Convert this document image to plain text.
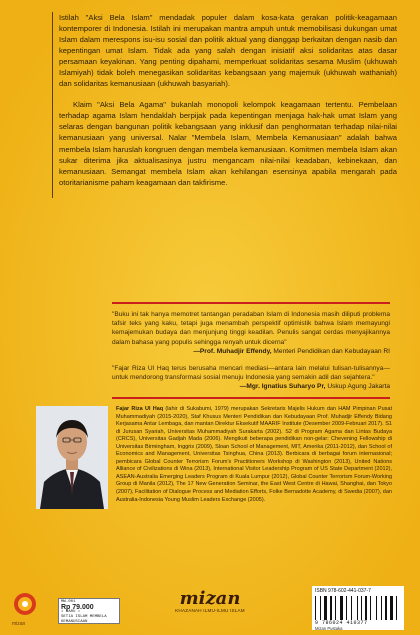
Istilah "Aksi Bela Islam" mendadak populer dalam kosa-kata gerakan politik-keagamaan kontemporer di Indonesia. Istilah ini merupakan mantra ampuh untuk memobilisasi dukungan umat Islam dalam merespons isu-isu sosial dan politik aktual yang dianggap berkaitan dengan nasib dan kepentingan umat Islam. Tidak ada yang salah dengan inisiatif aksi solidaritas atas dasar persamaan keyakinan. Yang penting dipahami, memperkuat solidaritas sesama Muslim (ukhuwah Islamiyah) tidak boleh menegasikan solidaritas kebangsaan yang majemuk (ukhuwah wathaniah) dan solidaritas kemanusiaan (ukhuwah basyariah).

Klaim "Aksi Bela Agama" bukanlah monopoli kelompok keagamaan tertentu. Pembelaan terhadap agama Islam hendaklah berpijak pada kepentingan menjaga hak-hak umat Islam yang selaras dengan bangunan politik kebangsaan yang inklusif dan penghormatan terhadap nilai-nilai kemanusiaan yang universal. Nalar "Membela Islam, Membela Kemanusiaan" adalah bahwa membela Islam haruslah kongruen dengan membela kemanusiaan. Komitmen membela Islam akan sukar diterima jika aktualisasinya justru mengancam nilai-nilai keadaban, kebinekaan, dan kemanusiaan. Semangat membela Islam akan kehilangan esensinya apabila mengarah pada otoritarianisme paham keagamaan dan takfirisme.

"Buku ini tak hanya memotret tantangan peradaban Islam di Indonesia masih diliputi problema tafsir teks yang kaku, tetapi juga menambah perspektif optimistik bahwa Islam memayungi kemajemukan budaya dan menjunjung tinggi keadilan. Penulis sangat cerdas menyajikannya dalam bahasa yang populis sehingga renyah untuk dicerna"
—Prof. Muhadjir Effendy, Menteri Pendidikan dan Kebudayaan RI
"Fajar Riza Ul Haq terus berusaha mencari mediasi—antara lain melalui tulisan-tulisannya—untuk mendorong transformasi sosial menuju Indonesia yang semakin adil dan sejahtera."
—Mgr. Ignatius Suharyo Pr, Uskup Agung Jakarta
Fajar Riza Ul Haq (lahir di Sukabumi, 1979) merupakan Sekretaris Majelis Hukum dan HAM Pimpinan Pusat Muhammadiyah (2015-2020), Staf Khusus Menteri Pendidikan dan Kebudayaan Prof. Muhadjir Effendy Bidang Kerjasama Antar Lembaga, dan mantan Direktur Eksekutif MAARIF Institute (Desember 2009-Februari 2017). S1 di Jurusan Syariah, Universitas Muhammadiyah Surakarta (2002). S2 di Program Agama dan Lintas Budaya (CRCS), Universitas Gadjah Mada (2006). Mengikuti beberapa pendidikan non-gelar: Chevening Fellowship di Universitas Birmingham, Inggris (2009), Sloan School of Management, MIT, Amerika (2011-2012), dan School of Economics and Management, Universitas Tsinghua, China (2013). Berbicara di berbagai forum internasional; pembicara Global Counter Terrorism Forum's Practitioners Workshop di Washington (2013), United Nations Alliance of Civilizations di Wina (2013), International Visitor Leadership Program of US State Department (2012), ASEAN-Australia Emerging Leaders Program di Kuala Lumpur (2012), Global Counter Terrorism Forum-Working Group di Manila (2012), The 17 New Generation Seminar, the East West Centre di Hawai, Shanghai, dan Tokyo (2007), Facilitation of Dialogue Process and Mediation Efforts, Folke Bernadotte Academy, di Swedia (2007), dan Australia-Indonesia Young Muslim Leaders Exchange (2005).
mizan
MW-001
Rp 79.000
• BARU •
SETIA ISLAM MEMBELA KEMANUSIAAN
mizan
KHAZANAH ILMU-ILMU ISLAM
ISBN 978-602-441-037-7
9 786024 410377
Mizan Pustaka
